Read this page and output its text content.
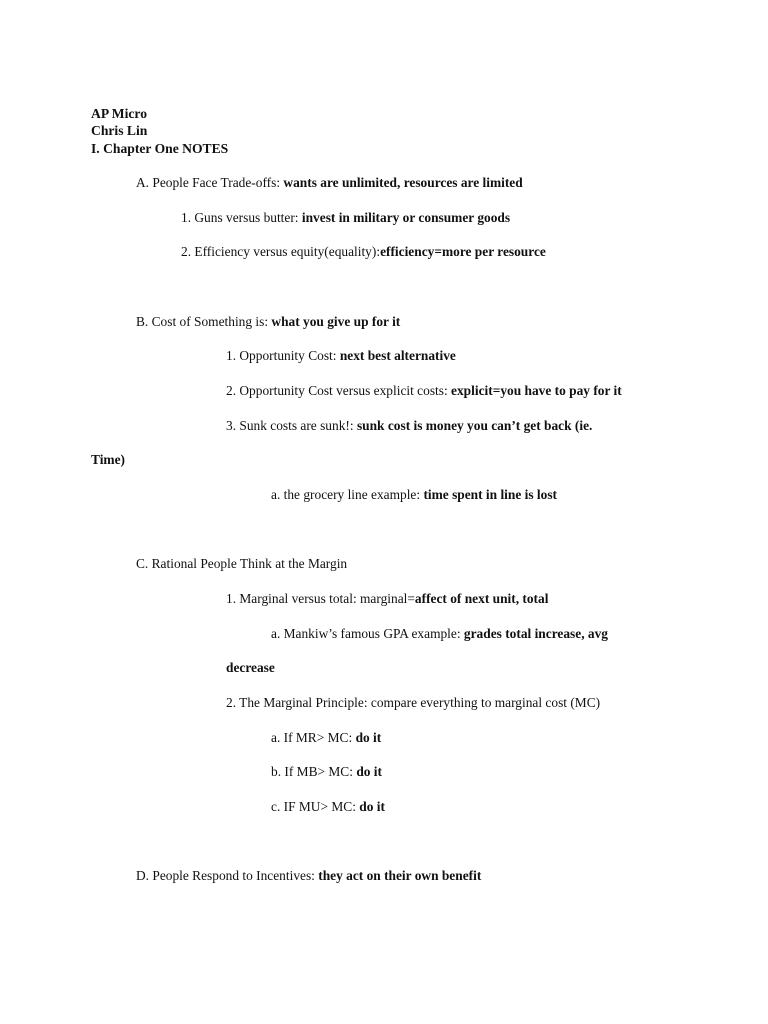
AP Micro
Chris Lin
I. Chapter One NOTES
A. People Face Trade-offs: wants are unlimited, resources are limited
1. Guns versus butter: invest in military or consumer goods
2. Efficiency versus equity(equality):efficiency=more per resource
B. Cost of Something is: what you give up for it
1. Opportunity Cost: next best alternative
2. Opportunity Cost versus explicit costs: explicit=you have to pay for it
3. Sunk costs are sunk!: sunk cost is money you can’t get back (ie.
Time)
a. the grocery line example: time spent in line is lost
C. Rational People Think at the Margin
1. Marginal versus total: marginal=affect of next unit, total
a. Mankiw’s famous GPA example: grades total increase, avg
decrease
2. The Marginal Principle: compare everything to marginal cost (MC)
a. If MR> MC: do it
b. If MB> MC: do it
c. IF MU> MC: do it
D. People Respond to Incentives: they act on their own benefit
